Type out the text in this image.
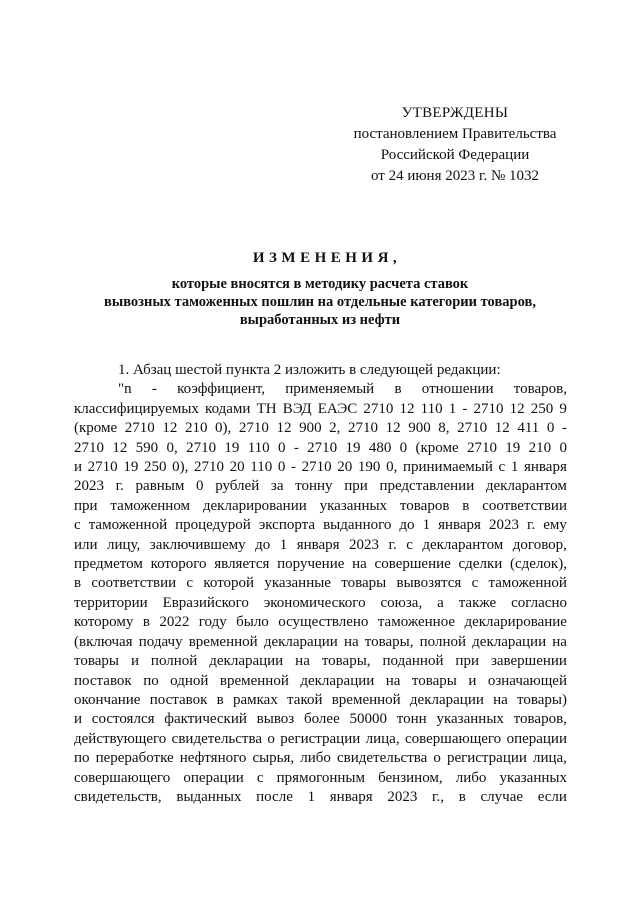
УТВЕРЖДЕНЫ
постановлением Правительства
Российской Федерации
от 24 июня 2023 г. № 1032
ИЗМЕНЕНИЯ,
которые вносятся в методику расчета ставок
вывозных таможенных пошлин на отдельные категории товаров,
выработанных из нефти
1. Абзац шестой пункта 2 изложить в следующей редакции:
"n - коэффициент, применяемый в отношении товаров,
классифицируемых кодами ТН ВЭД ЕАЭС 2710 12 110 1 - 2710 12 250 9
(кроме 2710 12 210 0), 2710 12 900 2, 2710 12 900 8, 2710 12 411 0 -
2710 12 590 0, 2710 19 110 0 - 2710 19 480 0 (кроме 2710 19 210 0
и 2710 19 250 0), 2710 20 110 0 - 2710 20 190 0, принимаемый с 1 января
2023 г. равным 0 рублей за тонну при представлении декларантом
при таможенном декларировании указанных товаров в соответствии
с таможенной процедурой экспорта выданного до 1 января 2023 г. ему
или лицу, заключившему до 1 января 2023 г. с декларантом договор,
предметом которого является поручение на совершение сделки (сделок),
в соответствии с которой указанные товары вывозятся с таможенной
территории Евразийского экономического союза, а также согласно
которому в 2022 году было осуществлено таможенное декларирование
(включая подачу временной декларации на товары, полной декларации на
товары и полной декларации на товары, поданной при завершении
поставок по одной временной декларации на товары и означающей
окончание поставок в рамках такой временной декларации на товары)
и состоялся фактический вывоз более 50000 тонн указанных товаров,
действующего свидетельства о регистрации лица, совершающего операции
по переработке нефтяного сырья, либо свидетельства о регистрации лица,
совершающего операции с прямогонным бензином, либо указанных
свидетельств, выданных после 1 января 2023 г., в случае если
